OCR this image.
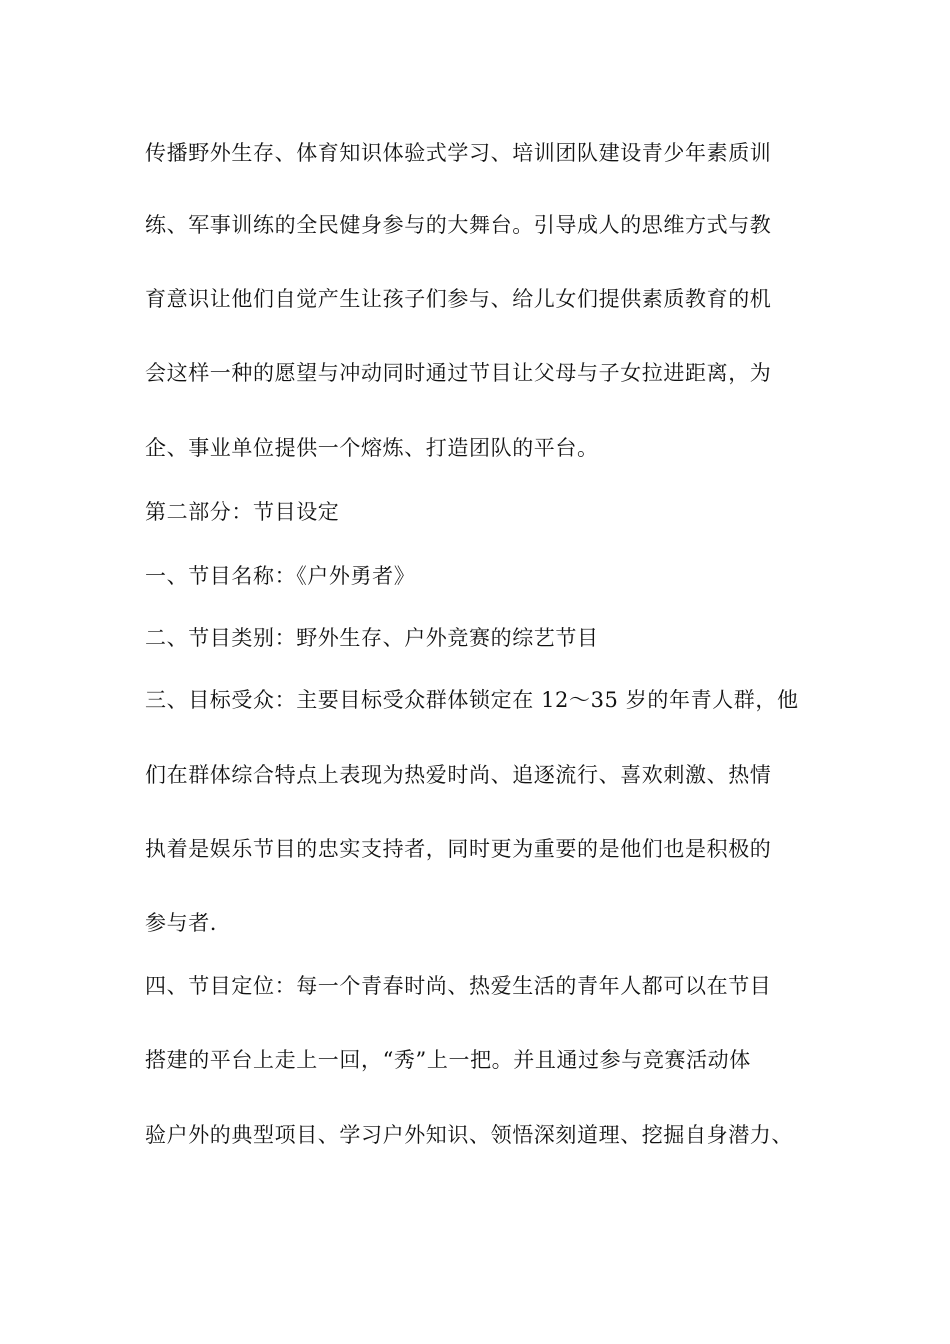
传播野外生存、体育知识体验式学习、培训团队建设青少年素质训

练、军事训练的全民健身参与的大舞台。引导成人的思维方式与教

育意识让他们自觉产生让孩子们参与、给儿女们提供素质教育的机

会这样一种的愿望与冲动同时通过节目让父母与子女拉进距离，为

企、事业单位提供一个熔炼、打造团队的平台。

第二部分：节目设定

一、节目名称：《户外勇者》

二、节目类别：野外生存、户外竞赛的综艺节目

三、目标受众：主要目标受众群体锁定在 12～35 岁的年青人群，他

们在群体综合特点上表现为热爱时尚、追逐流行、喜欢刺激、热情

执着是娱乐节目的忠实支持者，同时更为重要的是他们也是积极的

参与者.

四、节目定位：每一个青春时尚、热爱生活的青年人都可以在节目

搭建的平台上走上一回，“秀”上一把。并且通过参与竞赛活动体

验户外的典型项目、学习户外知识、领悟深刻道理、挖掘自身潜力、
